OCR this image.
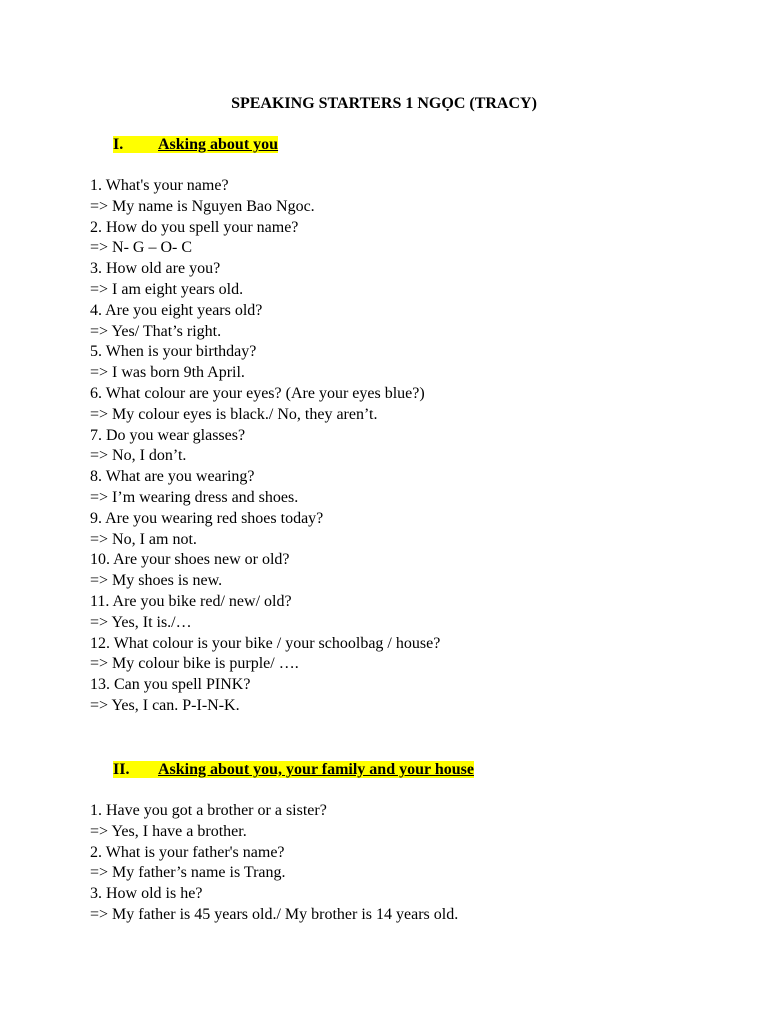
SPEAKING STARTERS 1 NGỌC (TRACY)
I. Asking about you
1. What's your name?
=> My name is Nguyen Bao Ngoc.
2. How do you spell your name?
=> N- G – O- C
3. How old are you?
=> I am eight years old.
4. Are you eight years old?
=> Yes/ That’s right.
5. When is your birthday?
=> I was born 9th April.
6. What colour are your eyes? (Are your eyes blue?)
=> My colour eyes is black./ No, they aren’t.
7. Do you wear glasses?
=> No, I don’t.
8. What are you wearing?
=> I’m wearing dress and shoes.
9. Are you wearing red shoes today?
=> No, I am not.
10. Are your shoes new or old?
=> My shoes is new.
11. Are you bike red/ new/ old?
=> Yes, It is./…
12. What colour is your bike / your schoolbag / house?
=> My colour bike is purple/ ….
13. Can you spell PINK?
=> Yes, I can. P-I-N-K.
II. Asking about you, your family and your house
1. Have you got a brother or a sister?
=> Yes, I have a brother.
2. What is your father's name?
=> My father’s name is Trang.
3. How old is he?
=> My father is 45 years old./ My brother is 14 years old.
